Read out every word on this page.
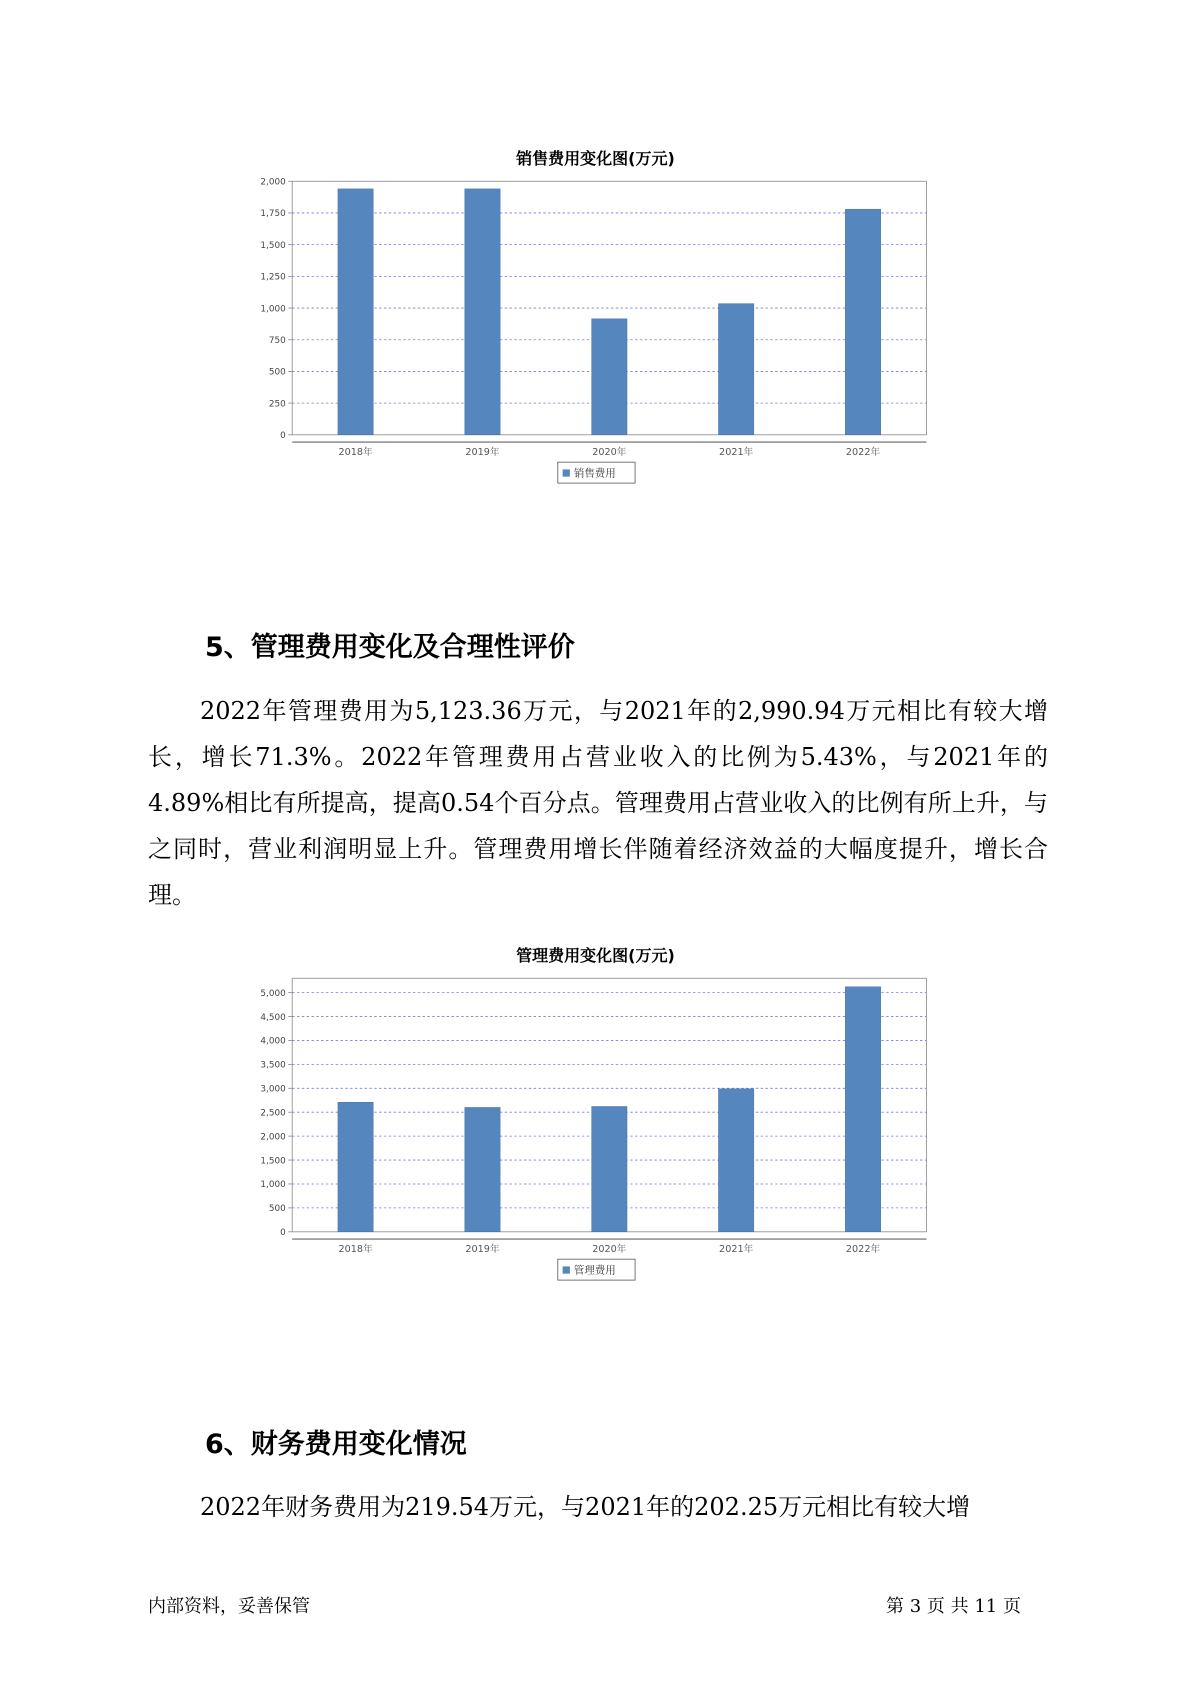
销售费用变化图(万元)
0
250
500
750
1,000
1,250
1,500
1,750
2,000
2018年	2019年	2020年	2021年	2022年
销售费用
5、管理费用变化及合理性评价

2022年管理费用为5,123.36万元，与2021年的2,990.94万元相比有较大增长，增长71.3%。2022年管理费用占营业收入的比例为5.43%，与2021年的4.89%相比有所提高，提高0.54个百分点。管理费用占营业收入的比例有所上升，与之同时，营业利润明显上升。管理费用增长伴随着经济效益的大幅度提升，增长合理。

管理费用变化图(万元)
0
500
1,000
1,500
2,000
2,500
3,000
3,500
4,000
4,500
5,000
2018年	2019年	2020年	2021年	2022年
管理费用
6、财务费用变化情况

2022年财务费用为219.54万元，与2021年的202.25万元相比有较大增

内部资料，妥善保管	第 3 页 共 11 页
